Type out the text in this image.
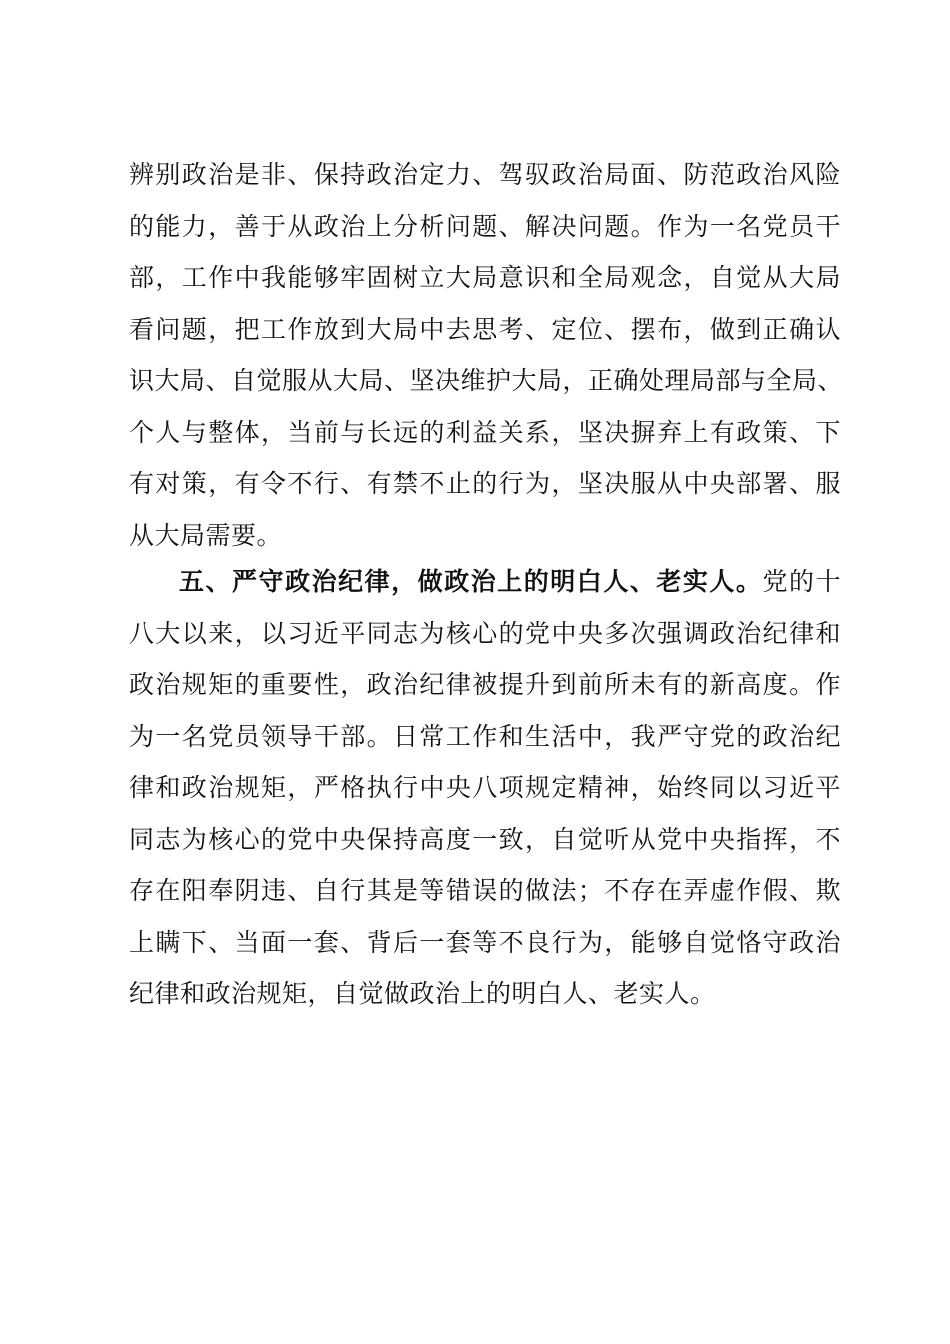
辨别政治是非、保持政治定力、驾驭政治局面、防范政治风险
的能力，善于从政治上分析问题、解决问题。作为一名党员干
部，工作中我能够牢固树立大局意识和全局观念，自觉从大局
看问题，把工作放到大局中去思考、定位、摆布，做到正确认
识大局、自觉服从大局、坚决维护大局，正确处理局部与全局、
个人与整体，当前与长远的利益关系，坚决摒弃上有政策、下
有对策，有令不行、有禁不止的行为，坚决服从中央部署、服
从大局需要。
五、严守政治纪律，做政治上的明白人、老实人。党的十
八大以来，以习近平同志为核心的党中央多次强调政治纪律和
政治规矩的重要性，政治纪律被提升到前所未有的新高度。作
为一名党员领导干部。日常工作和生活中，我严守党的政治纪
律和政治规矩，严格执行中央八项规定精神，始终同以习近平
同志为核心的党中央保持高度一致，自觉听从党中央指挥，不
存在阳奉阴违、自行其是等错误的做法；不存在弄虚作假、欺
上瞒下、当面一套、背后一套等不良行为，能够自觉恪守政治
纪律和政治规矩，自觉做政治上的明白人、老实人。
